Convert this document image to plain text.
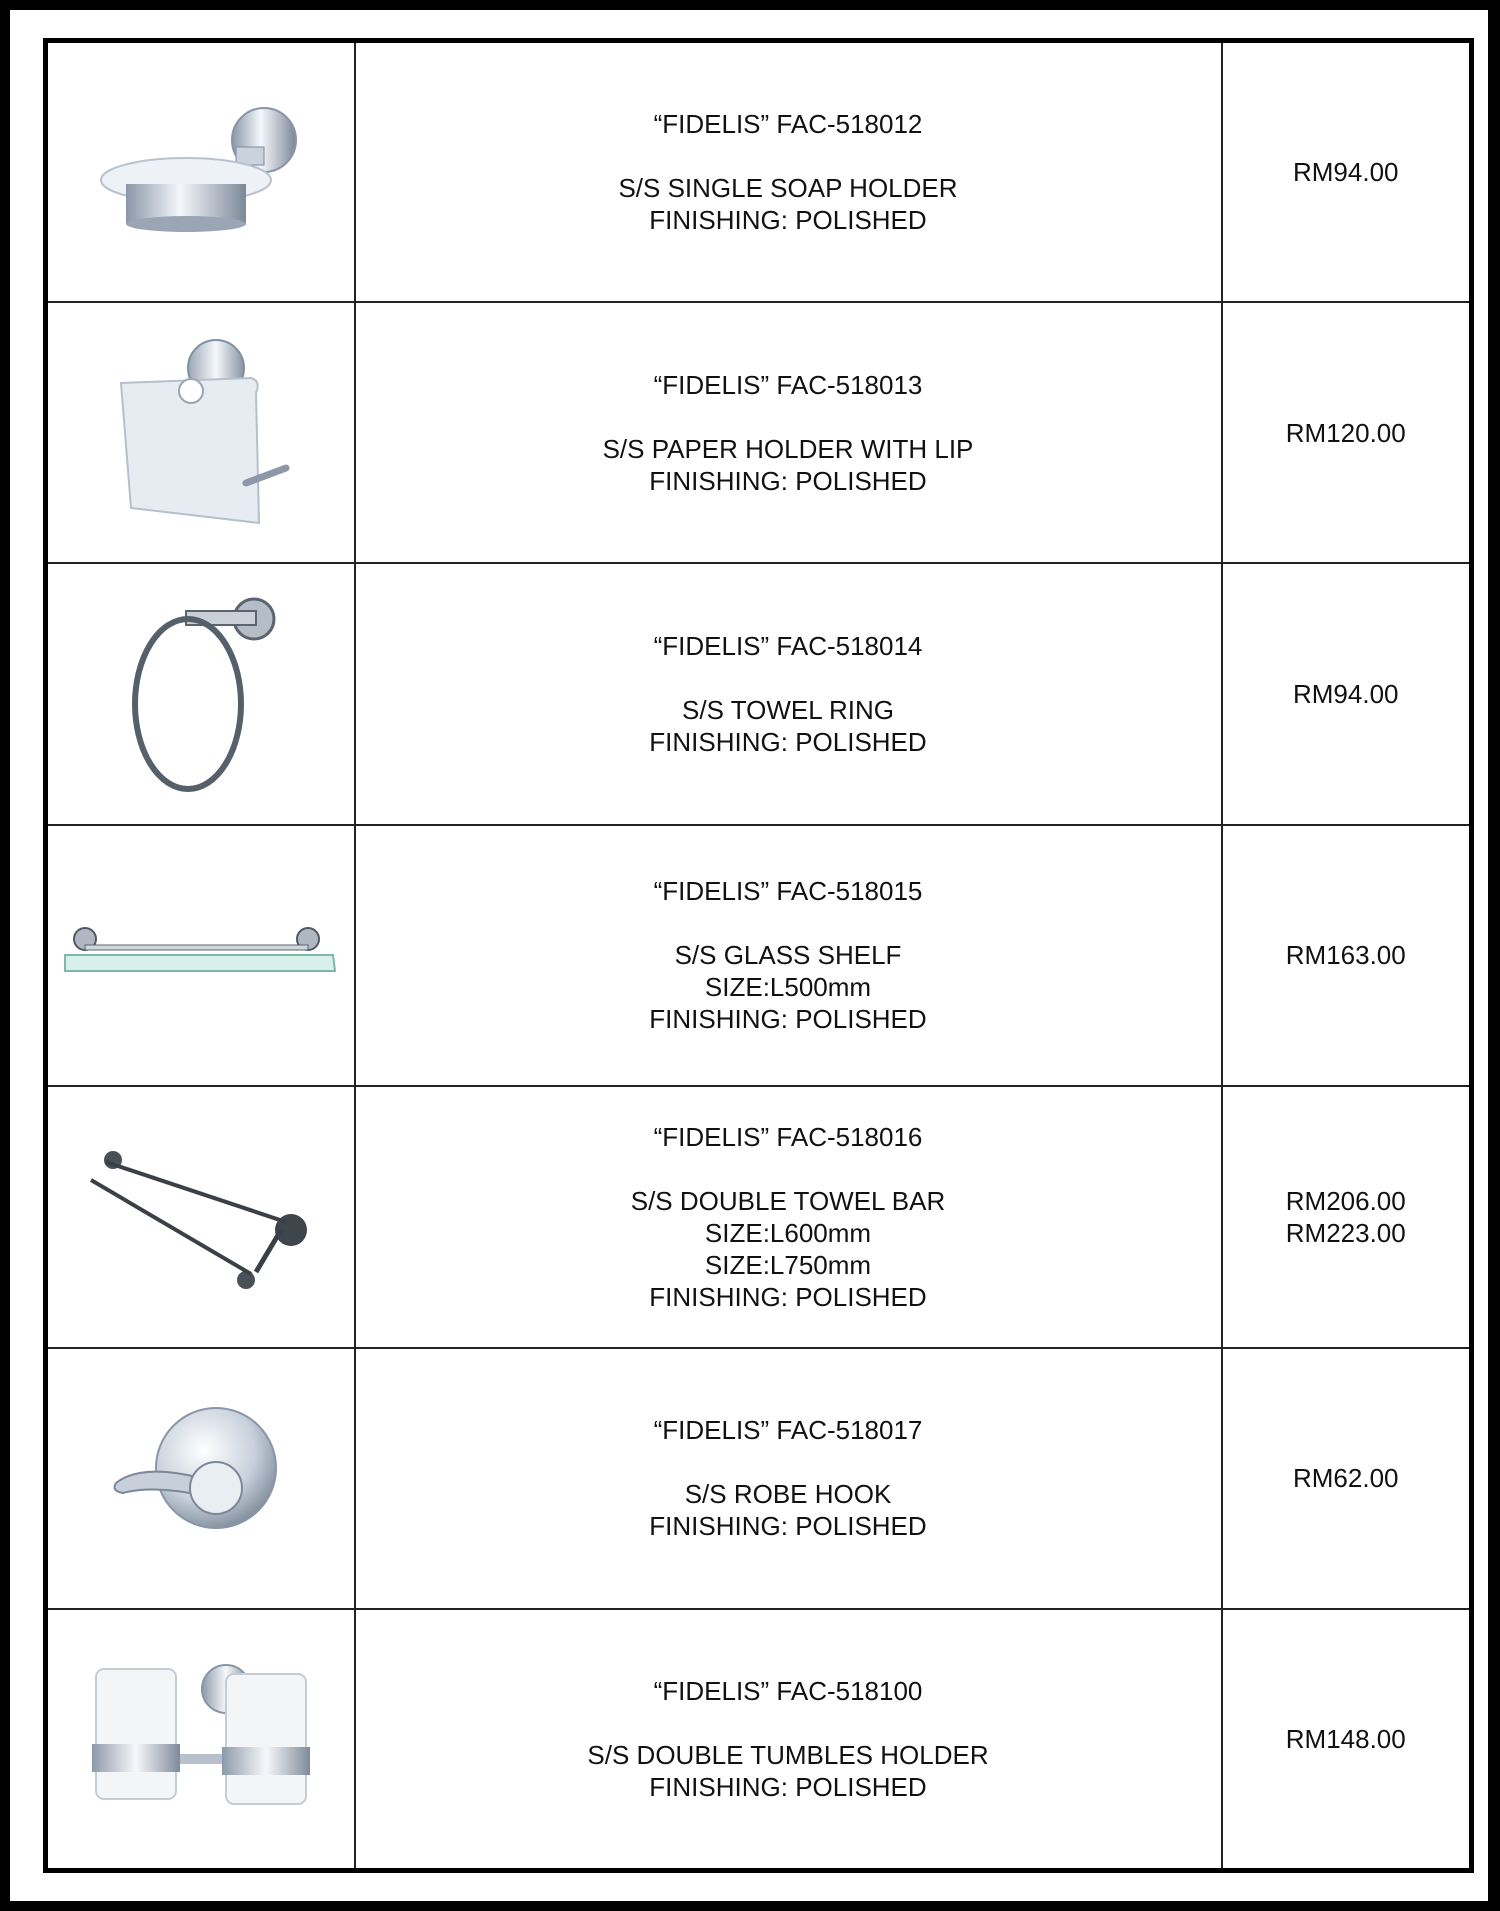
“FIDELIS” FAC-518012
S/S SINGLE SOAP HOLDER
FINISHING: POLISHED	RM94.00

“FIDELIS” FAC-518013
S/S PAPER HOLDER WITH LIP
FINISHING: POLISHED	RM120.00

“FIDELIS” FAC-518014
S/S TOWEL RING
FINISHING: POLISHED	RM94.00

“FIDELIS” FAC-518015
S/S GLASS SHELF
SIZE:L500mm
FINISHING: POLISHED	RM163.00

“FIDELIS” FAC-518016
S/S DOUBLE TOWEL BAR
SIZE:L600mm
SIZE:L750mm
FINISHING: POLISHED	RM206.00
RM223.00

“FIDELIS” FAC-518017
S/S ROBE HOOK
FINISHING: POLISHED	RM62.00

“FIDELIS” FAC-518100
S/S DOUBLE TUMBLES HOLDER
FINISHING: POLISHED	RM148.00
